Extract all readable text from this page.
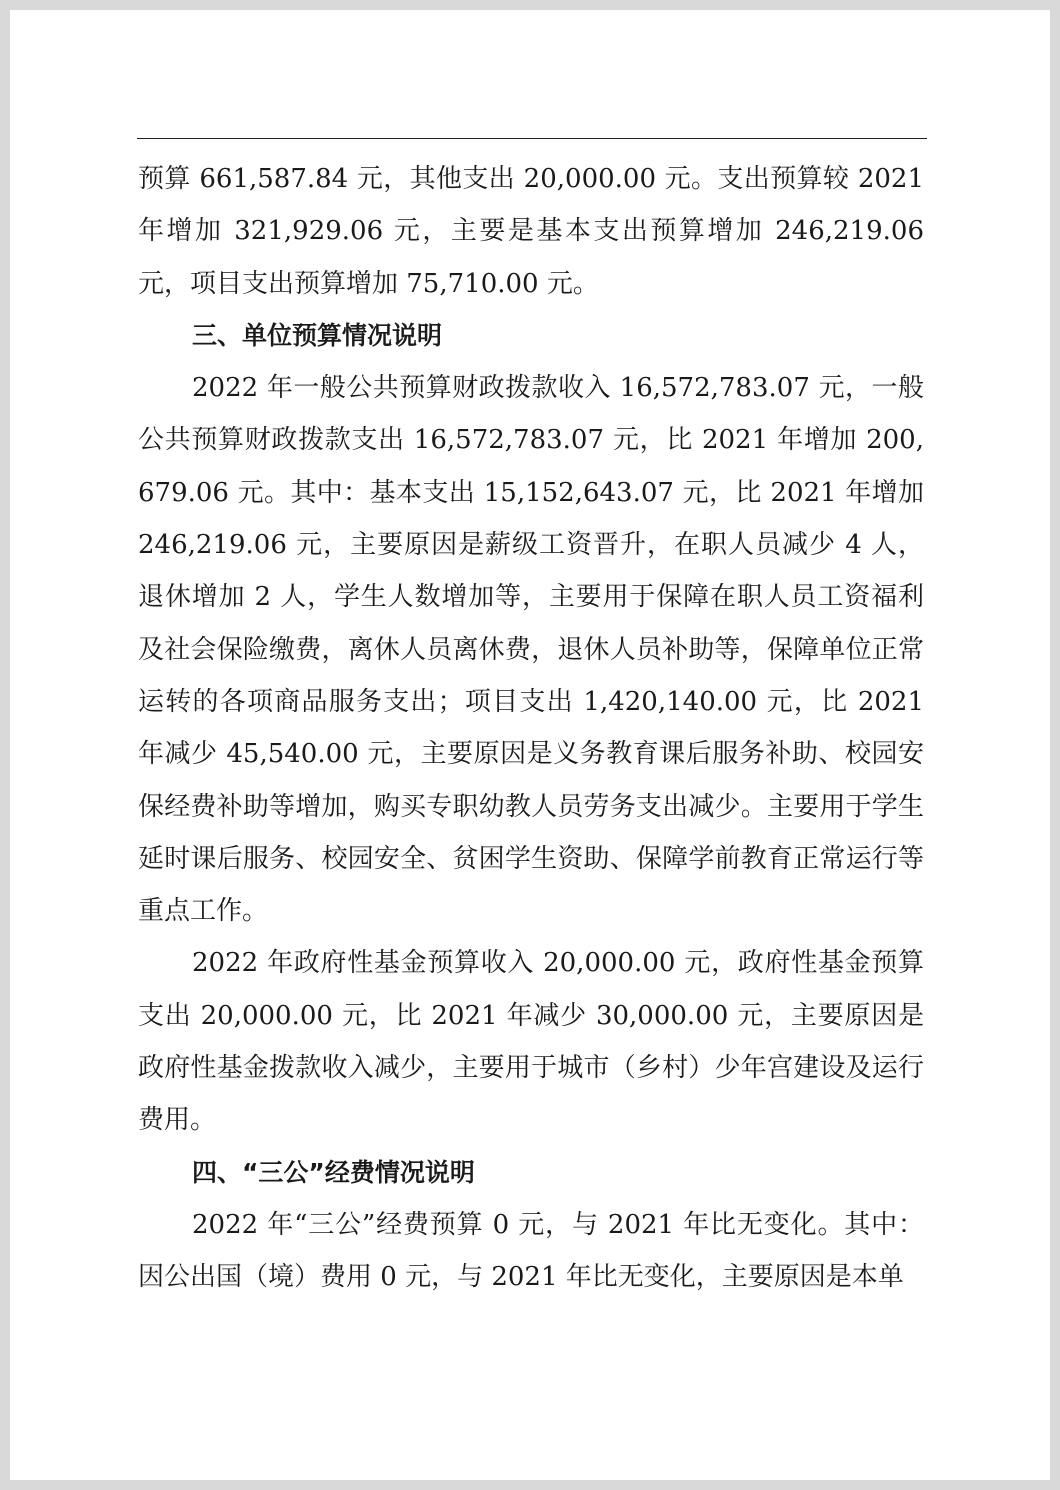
预算 661,587.84 元，其他支出 20,000.00 元。支出预算较 2021 年增加 321,929.06 元，主要是基本支出预算增加 246,219.06 元，项目支出预算增加 75,710.00 元。

三、单位预算情况说明

2022 年一般公共预算财政拨款收入 16,572,783.07 元，一般公共预算财政拨款支出 16,572,783.07 元，比 2021 年增加 200,679.06 元。其中：基本支出 15,152,643.07 元，比 2021 年增加 246,219.06 元，主要原因是薪级工资晋升，在职人员减少 4 人，退休增加 2 人，学生人数增加等，主要用于保障在职人员工资福利及社会保险缴费，离休人员离休费，退休人员补助等，保障单位正常运转的各项商品服务支出；项目支出 1,420,140.00 元，比 2021 年减少 45,540.00 元，主要原因是义务教育课后服务补助、校园安保经费补助等增加，购买专职幼教人员劳务支出减少。主要用于学生延时课后服务、校园安全、贫困学生资助、保障学前教育正常运行等重点工作。

2022 年政府性基金预算收入 20,000.00 元，政府性基金预算支出 20,000.00 元，比 2021 年减少 30,000.00 元，主要原因是政府性基金拨款收入减少，主要用于城市（乡村）少年宫建设及运行费用。

四、“三公”经费情况说明

2022 年“三公”经费预算 0 元，与 2021 年比无变化。其中：因公出国（境）费用 0 元，与 2021 年比无变化，主要原因是本单
